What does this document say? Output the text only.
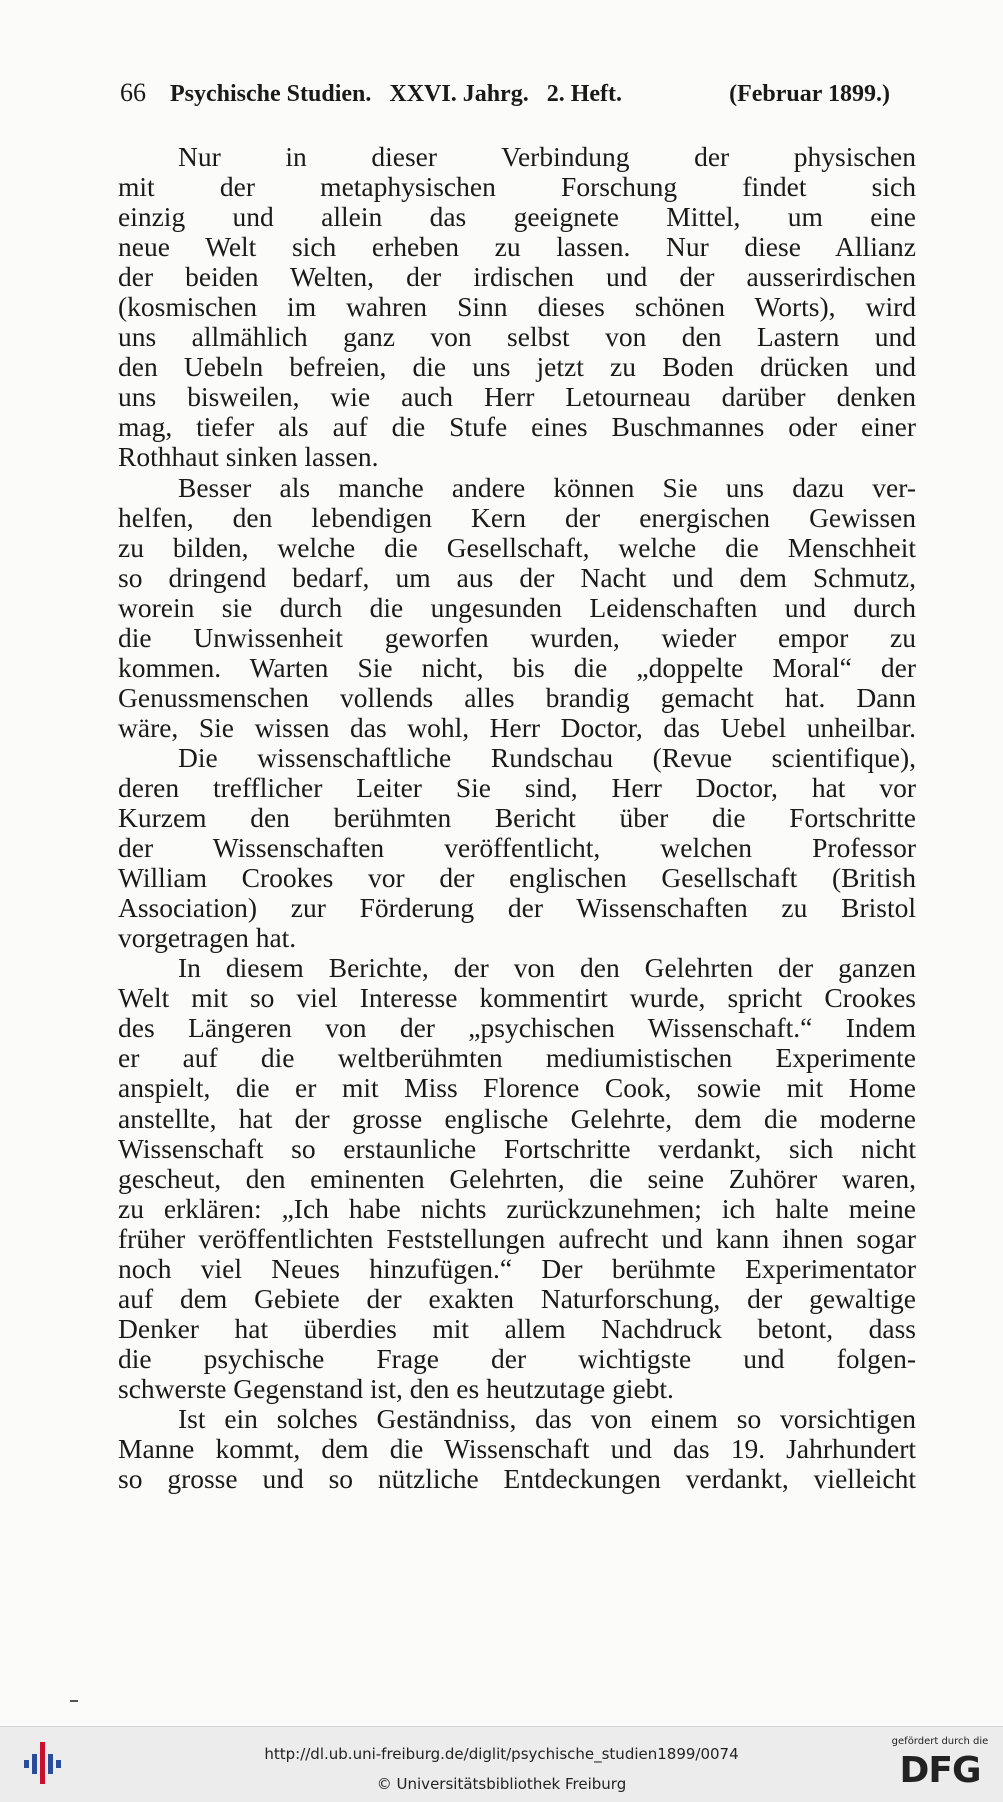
66 Psychische Studien. XXVI. Jahrg. 2. Heft.	(Februar 1899.)
Nur in dieser Verbindung der physischen
mit der metaphysischen Forschung findet sich
einzig und allein das geeignete Mittel, um eine
neue Welt sich erheben zu lassen. Nur diese Allianz
der beiden Welten, der irdischen und der ausserirdischen
(kosmischen im wahren Sinn dieses schönen Worts), wird
uns allmählich ganz von selbst von den Lastern und
den Uebeln befreien, die uns jetzt zu Boden drücken und
uns bisweilen, wie auch Herr Letourneau darüber denken
mag, tiefer als auf die Stufe eines Buschmannes oder einer
Rothhaut sinken lassen.
Besser als manche andere können Sie uns dazu ver-
helfen, den lebendigen Kern der energischen Gewissen
zu bilden, welche die Gesellschaft, welche die Menschheit
so dringend bedarf, um aus der Nacht und dem Schmutz,
worein sie durch die ungesunden Leidenschaften und durch
die Unwissenheit geworfen wurden, wieder empor zu
kommen. Warten Sie nicht, bis die „doppelte Moral“ der
Genussmenschen vollends alles brandig gemacht hat. Dann
wäre, Sie wissen das wohl, Herr Doctor, das Uebel unheilbar.
Die wissenschaftliche Rundschau (Revue scientifique),
deren trefflicher Leiter Sie sind, Herr Doctor, hat vor
Kurzem den berühmten Bericht über die Fortschritte
der Wissenschaften veröffentlicht, welchen Professor
William Crookes vor der englischen Gesellschaft (British
Association) zur Förderung der Wissenschaften zu Bristol
vorgetragen hat.
In diesem Berichte, der von den Gelehrten der ganzen
Welt mit so viel Interesse kommentirt wurde, spricht Crookes
des Längeren von der „psychischen Wissenschaft.“ Indem
er auf die weltberühmten mediumistischen Experimente
anspielt, die er mit Miss Florence Cook, sowie mit Home
anstellte, hat der grosse englische Gelehrte, dem die moderne
Wissenschaft so erstaunliche Fortschritte verdankt, sich nicht
gescheut, den eminenten Gelehrten, die seine Zuhörer waren,
zu erklären: „Ich habe nichts zurückzunehmen; ich halte meine
früher veröffentlichten Feststellungen aufrecht und kann ihnen sogar
noch viel Neues hinzufügen.“ Der berühmte Experimentator
auf dem Gebiete der exakten Naturforschung, der gewaltige
Denker hat überdies mit allem Nachdruck betont, dass
die psychische Frage der wichtigste und folgen-
schwerste Gegenstand ist, den es heutzutage giebt.
Ist ein solches Geständniss, das von einem so vorsichtigen
Manne kommt, dem die Wissenschaft und das 19. Jahrhundert
so grosse und so nützliche Entdeckungen verdankt, vielleicht
http://dl.ub.uni-freiburg.de/diglit/psychische_studien1899/0074
© Universitätsbibliothek Freiburg
gefördert durch die
DFG
